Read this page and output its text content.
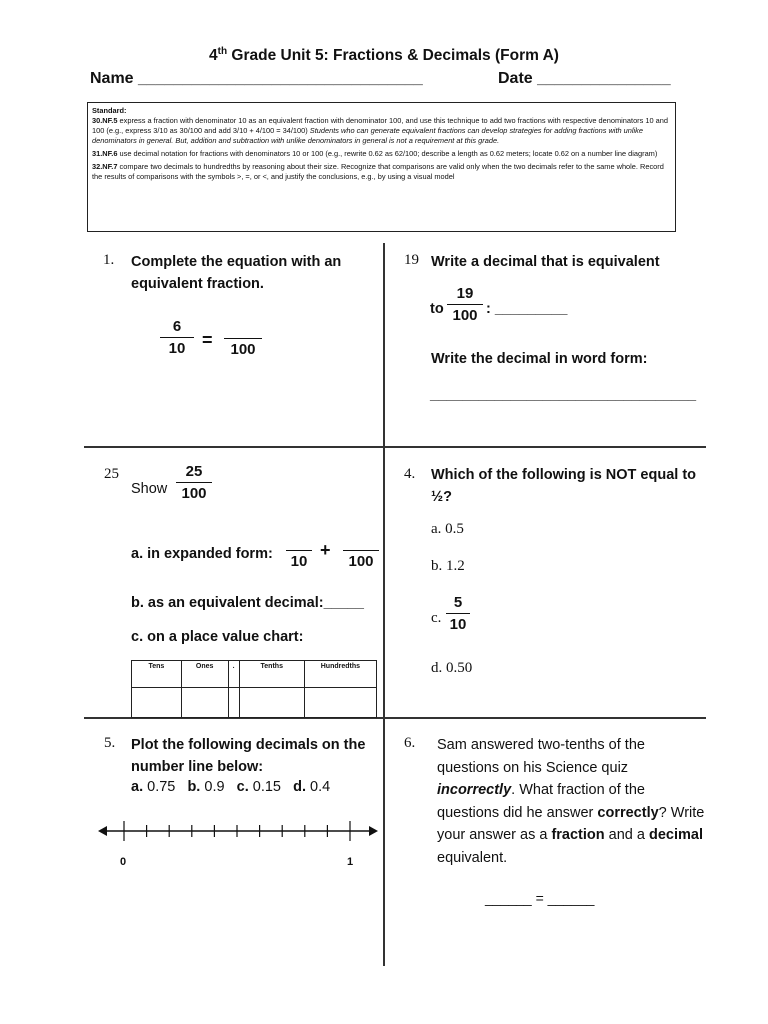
4th Grade Unit 5: Fractions & Decimals (Form A)
Name ________________________________	Date _______________

Standard:

30.NF.5 express a fraction with denominator 10 as an equivalent fraction with denominator 100, and use this technique to add two fractions with respective denominators 10 and 100 (e.g., express 3/10 as 30/100 and add 3/10 + 4/100 = 34/100) Students who can generate equivalent fractions can develop strategies for adding fractions with unlike denominators in general. But, addition and subtraction with unlike denominators in general is not a requirement at this grade.

31.NF.6 use decimal notation for fractions with denominators 10 or 100 (e.g., rewrite 0.62 as 62/100; describe a length as 0.62 meters; locate 0.62 on a number line diagram)

32.NF.7 compare two decimals to hundredths by reasoning about their size. Recognize that comparisons are valid only when the two decimals refer to the same whole. Record the results of comparisons with the symbols >, =, or <, and justify the conclusions, e.g., by using a visual model

1. Complete the equation with an equivalent fraction.
6
10 =	100
19 Write a decimal that is equivalent
to
19
100 : _________
Write the decimal in word form:
_________________________________
25
Show
25
100
a. in expanded form:	10
+
100
b. as an equivalent decimal:_____
c. on a place value chart:
Tens	Ones	.	Tenths	Hundredths

4. Which of the following is NOT equal to ½?
a. 0.5
b. 1.2
c.
5
10
d. 0.50
5. Plot the following decimals on the number line below:
a. 0.75 b. 0.9 c. 0.15 d. 0.4
0	1
6. Sam answered two-tenths of the questions on his Science quiz incorrectly. What fraction of the questions did he answer correctly? Write your answer as a fraction and a decimal equivalent.
______ = ______
